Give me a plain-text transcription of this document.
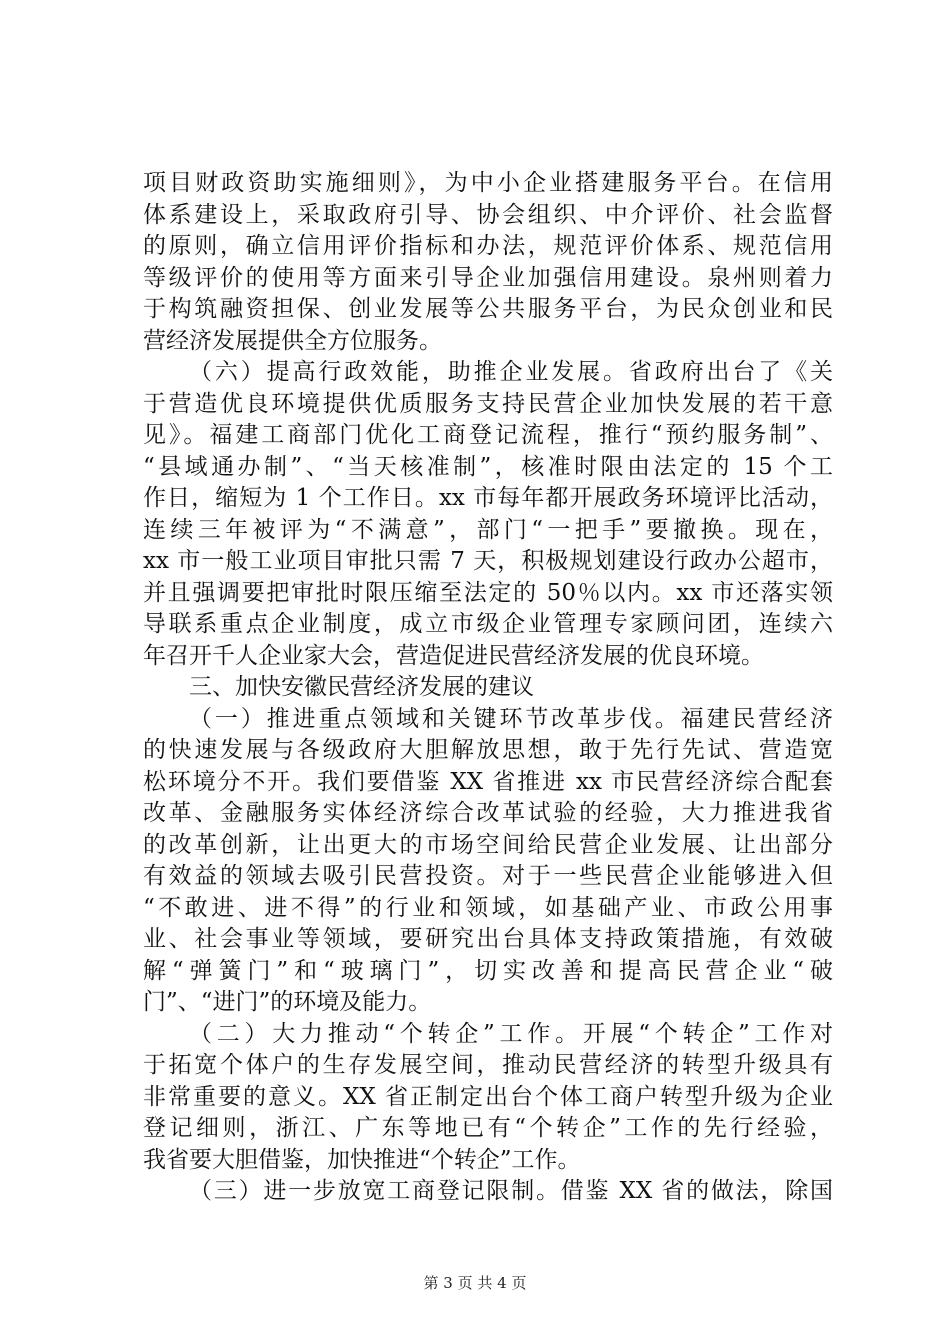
项目财政资助实施细则》，为中小企业搭建服务平台。在信用
体系建设上，采取政府引导、协会组织、中介评价、社会监督
的原则，确立信用评价指标和办法，规范评价体系、规范信用
等级评价的使用等方面来引导企业加强信用建设。泉州则着力
于构筑融资担保、创业发展等公共服务平台，为民众创业和民
营经济发展提供全方位服务。
（六）提高行政效能，助推企业发展。省政府出台了《关
于营造优良环境提供优质服务支持民营企业加快发展的若干意
见》。福建工商部门优化工商登记流程，推行“预约服务制”、
“县域通办制”、“当天核准制”，核准时限由法定的 15 个工
作日，缩短为 1 个工作日。xx 市每年都开展政务环境评比活动，
连续三年被评为“不满意”，部门“一把手”要撤换。现在，
xx 市一般工业项目审批只需 7 天，积极规划建设行政办公超市，
并且强调要把审批时限压缩至法定的 50％以内。xx 市还落实领
导联系重点企业制度，成立市级企业管理专家顾问团，连续六
年召开千人企业家大会，营造促进民营经济发展的优良环境。
三、加快安徽民营经济发展的建议
（一）推进重点领域和关键环节改革步伐。福建民营经济
的快速发展与各级政府大胆解放思想，敢于先行先试、营造宽
松环境分不开。我们要借鉴 XX 省推进 xx 市民营经济综合配套
改革、金融服务实体经济综合改革试验的经验，大力推进我省
的改革创新，让出更大的市场空间给民营企业发展、让出部分
有效益的领域去吸引民营投资。对于一些民营企业能够进入但
“不敢进、进不得”的行业和领域，如基础产业、市政公用事
业、社会事业等领域，要研究出台具体支持政策措施，有效破
解“弹簧门”和“玻璃门”，切实改善和提高民营企业“破
门”、“进门”的环境及能力。
（二）大力推动“个转企”工作。开展“个转企”工作对
于拓宽个体户的生存发展空间，推动民营经济的转型升级具有
非常重要的意义。XX 省正制定出台个体工商户转型升级为企业
登记细则，浙江、广东等地已有“个转企”工作的先行经验，
我省要大胆借鉴，加快推进“个转企”工作。
（三）进一步放宽工商登记限制。借鉴 XX 省的做法，除国
第 3 页 共 4 页
